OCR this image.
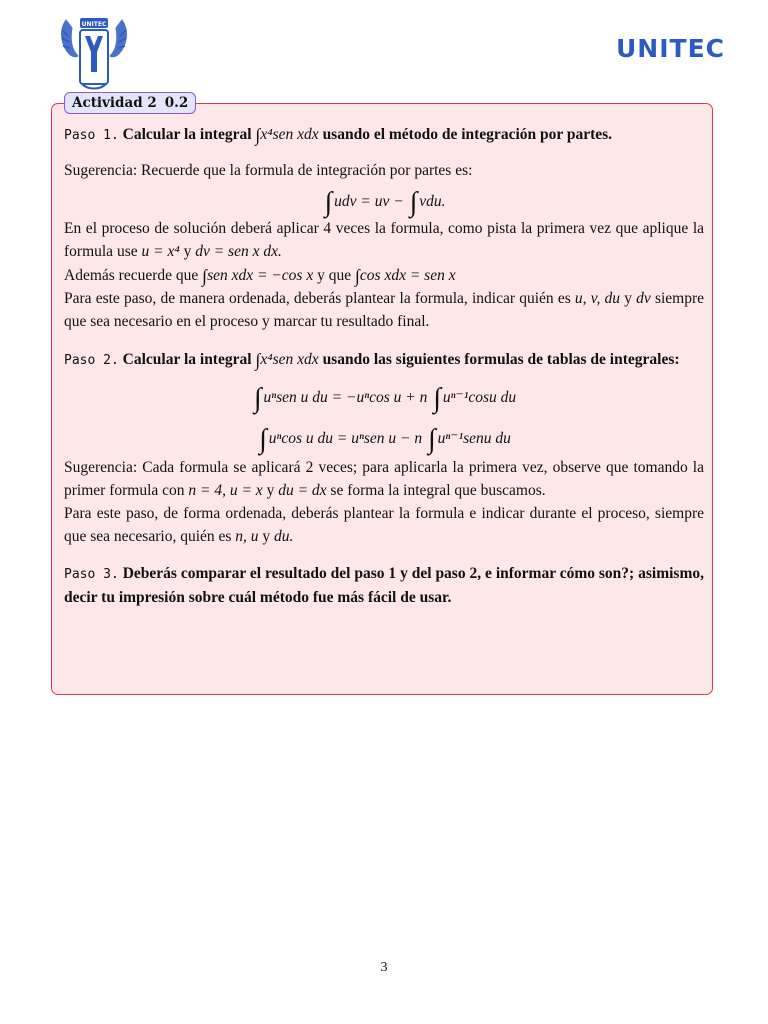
UNITEC
UNITEC
Actividad 2 0.2

Paso 1. Calcular la integral ∫x⁴sen xdx usando el método de integración por partes.

Sugerencia: Recuerde que la formula de integración por partes es:

∫ udv = uv − ∫ vdu.

En el proceso de solución deberá aplicar 4 veces la formula, como pista la primera vez que aplique la formula use u = x⁴ y dv = sen x dx.

Además recuerde que ∫sen xdx = −cos x y que ∫cos xdx = sen x

Para este paso, de manera ordenada, deberás plantear la formula, indicar quién es u, v, du y dv siempre que sea necesario en el proceso y marcar tu resultado final.

Paso 2. Calcular la integral ∫x⁴sen xdx usando las siguientes formulas de tablas de integrales:

∫ uⁿsen u du = −uⁿcos u + n ∫ uⁿ⁻¹cosu du
∫ uⁿcos u du = uⁿsen u − n ∫ uⁿ⁻¹senu du

Sugerencia: Cada formula se aplicará 2 veces; para aplicarla la primera vez, observe que tomando la primer formula con n = 4, u = x y du = dx se forma la integral que buscamos.

Para este paso, de forma ordenada, deberás plantear la formula e indicar durante el proceso, siempre que sea necesario, quién es n, u y du.

Paso 3. Deberás comparar el resultado del paso 1 y del paso 2, e informar cómo son?; asimismo, decir tu impresión sobre cuál método fue más fácil de usar.

3
